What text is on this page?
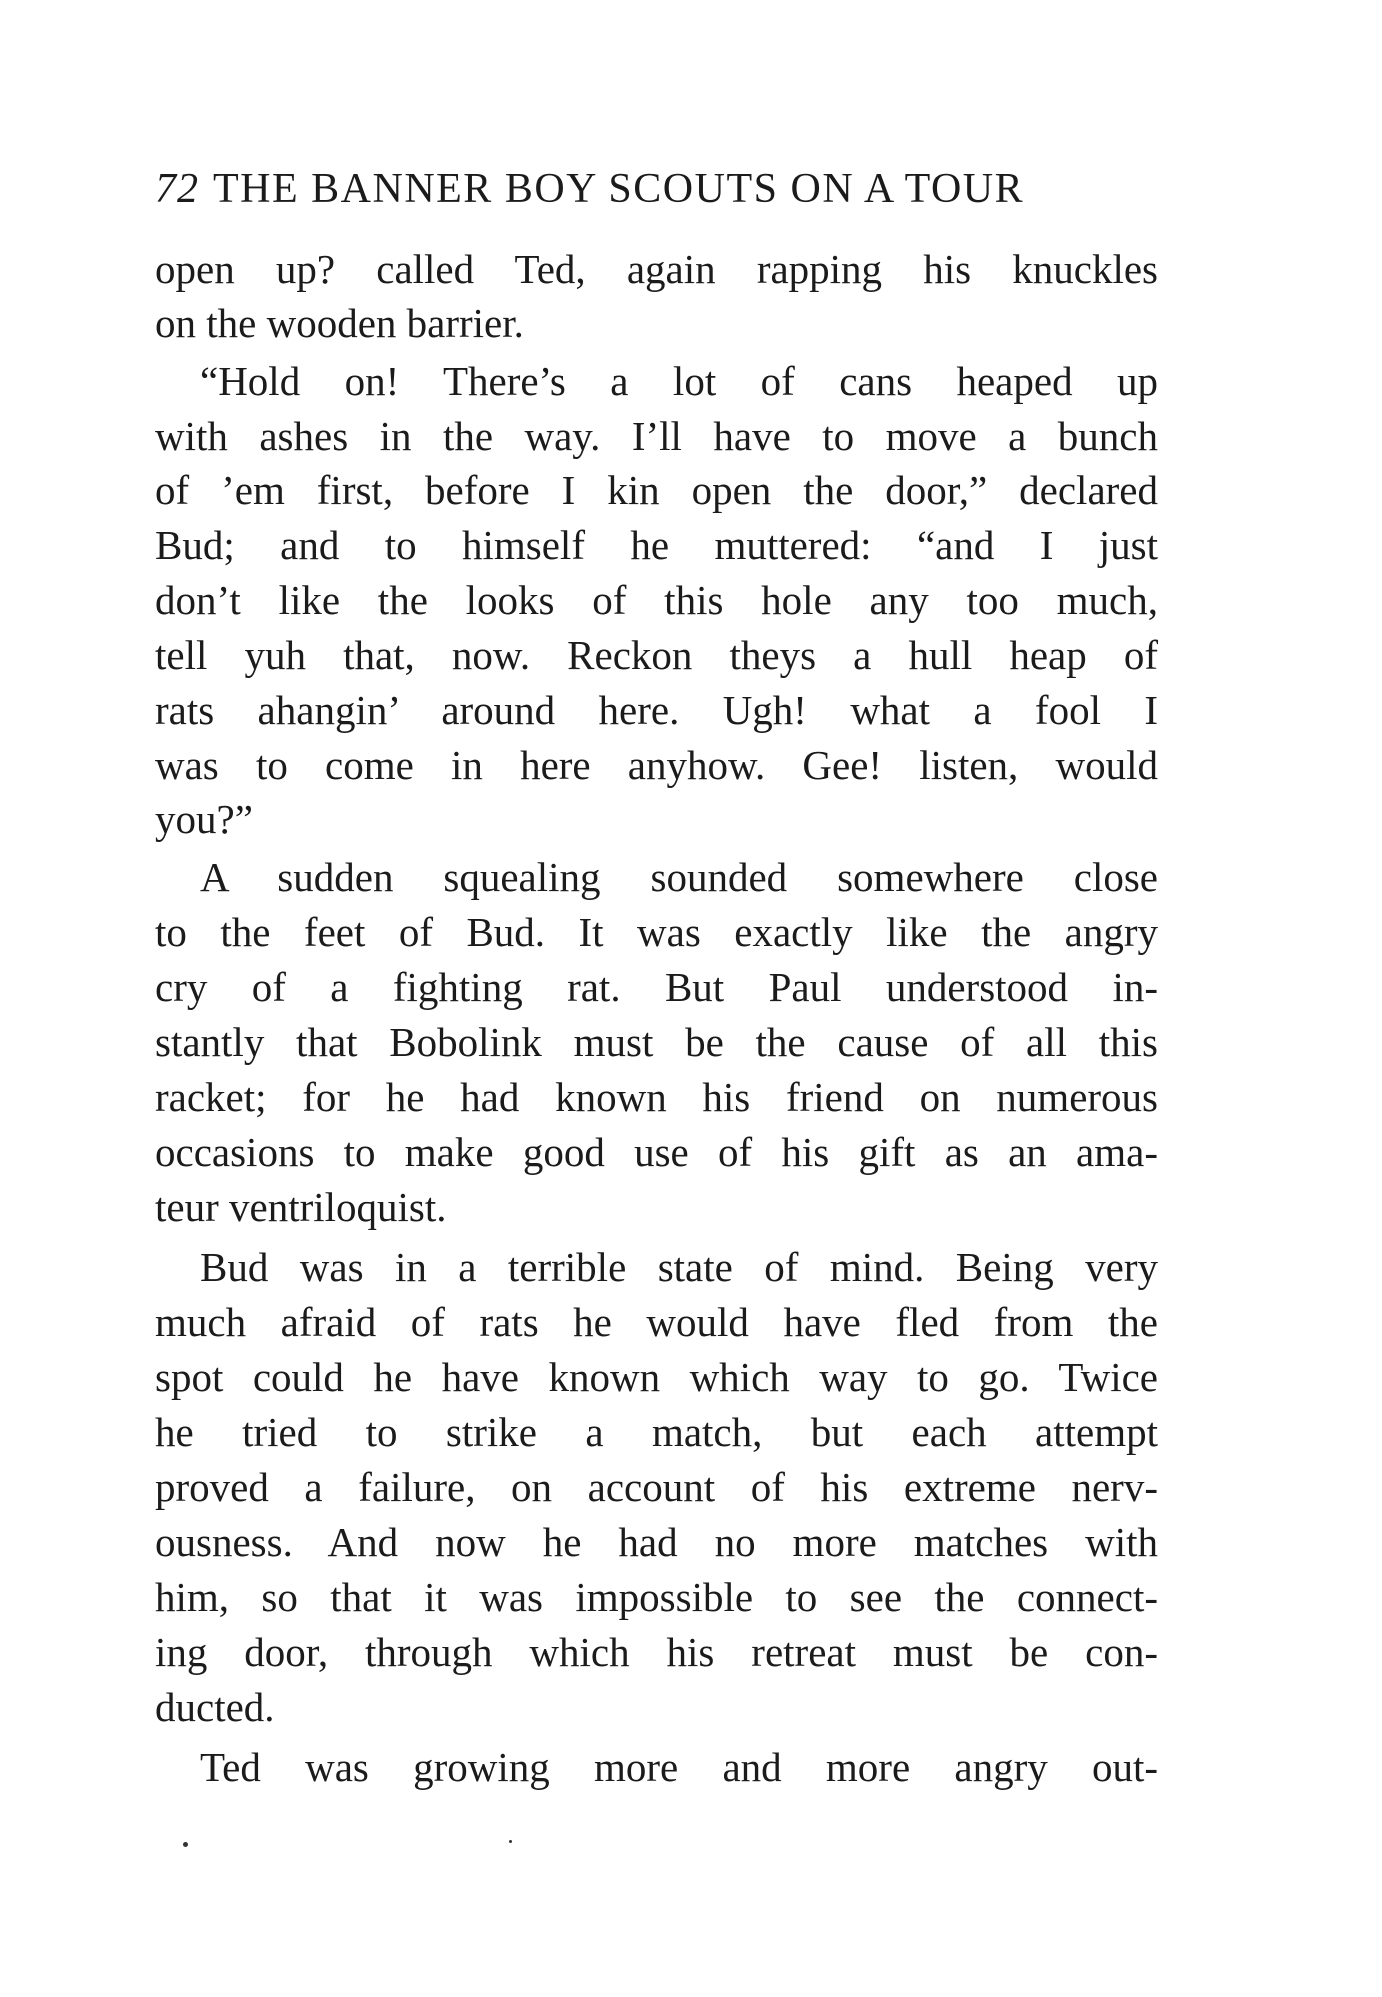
72 THE BANNER BOY SCOUTS ON A TOUR
open up? called Ted, again rapping his knuckles
on the wooden barrier.
“Hold on! There’s a lot of cans heaped up
with ashes in the way. I’ll have to move a bunch
of ’em first, before I kin open the door,” declared
Bud; and to himself he muttered: “and I just
don’t like the looks of this hole any too much,
tell yuh that, now. Reckon theys a hull heap of
rats ahangin’ around here. Ugh! what a fool I
was to come in here anyhow. Gee! listen, would
you?”
A sudden squealing sounded somewhere close
to the feet of Bud. It was exactly like the angry
cry of a fighting rat. But Paul understood in-
stantly that Bobolink must be the cause of all this
racket; for he had known his friend on numerous
occasions to make good use of his gift as an ama-
teur ventriloquist.
Bud was in a terrible state of mind. Being very
much afraid of rats he would have fled from the
spot could he have known which way to go. Twice
he tried to strike a match, but each attempt
proved a failure, on account of his extreme nerv-
ousness. And now he had no more matches with
him, so that it was impossible to see the connect-
ing door, through which his retreat must be con-
ducted.
Ted was growing more and more angry out-
